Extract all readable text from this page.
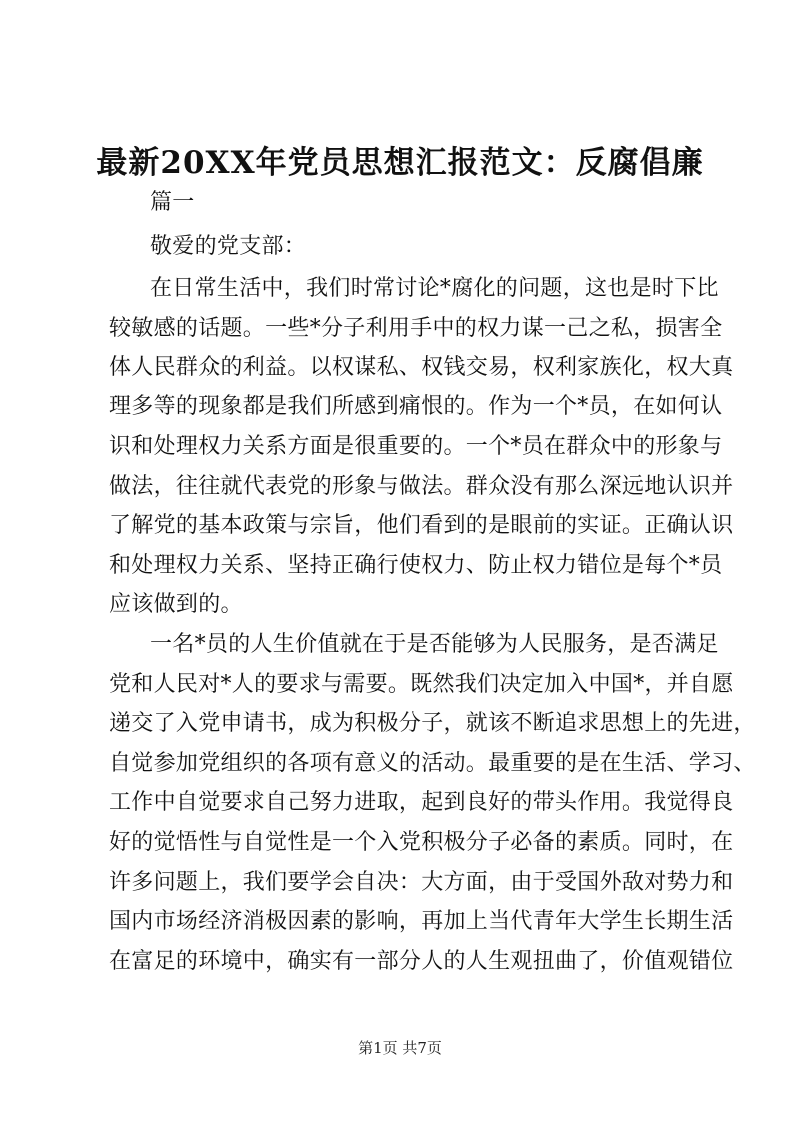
最新20XX年党员思想汇报范文：反腐倡廉
篇一
敬爱的党支部：
在日常生活中，我们时常讨论*腐化的问题，这也是时下比
较敏感的话题。一些*分子利用手中的权力谋一己之私，损害全
体人民群众的利益。以权谋私、权钱交易，权利家族化，权大真
理多等的现象都是我们所感到痛恨的。作为一个*员，在如何认
识和处理权力关系方面是很重要的。一个*员在群众中的形象与
做法，往往就代表党的形象与做法。群众没有那么深远地认识并
了解党的基本政策与宗旨，他们看到的是眼前的实证。正确认识
和处理权力关系、坚持正确行使权力、防止权力错位是每个*员
应该做到的。
一名*员的人生价值就在于是否能够为人民服务，是否满足
党和人民对*人的要求与需要。既然我们决定加入中国*，并自愿
递交了入党申请书，成为积极分子，就该不断追求思想上的先进，
自觉参加党组织的各项有意义的活动。最重要的是在生活、学习、
工作中自觉要求自己努力进取，起到良好的带头作用。我觉得良
好的觉悟性与自觉性是一个入党积极分子必备的素质。同时，在
许多问题上，我们要学会自决：大方面，由于受国外敌对势力和
国内市场经济消极因素的影响，再加上当代青年大学生长期生活
在富足的环境中，确实有一部分人的人生观扭曲了，价值观错位
第1页 共7页
